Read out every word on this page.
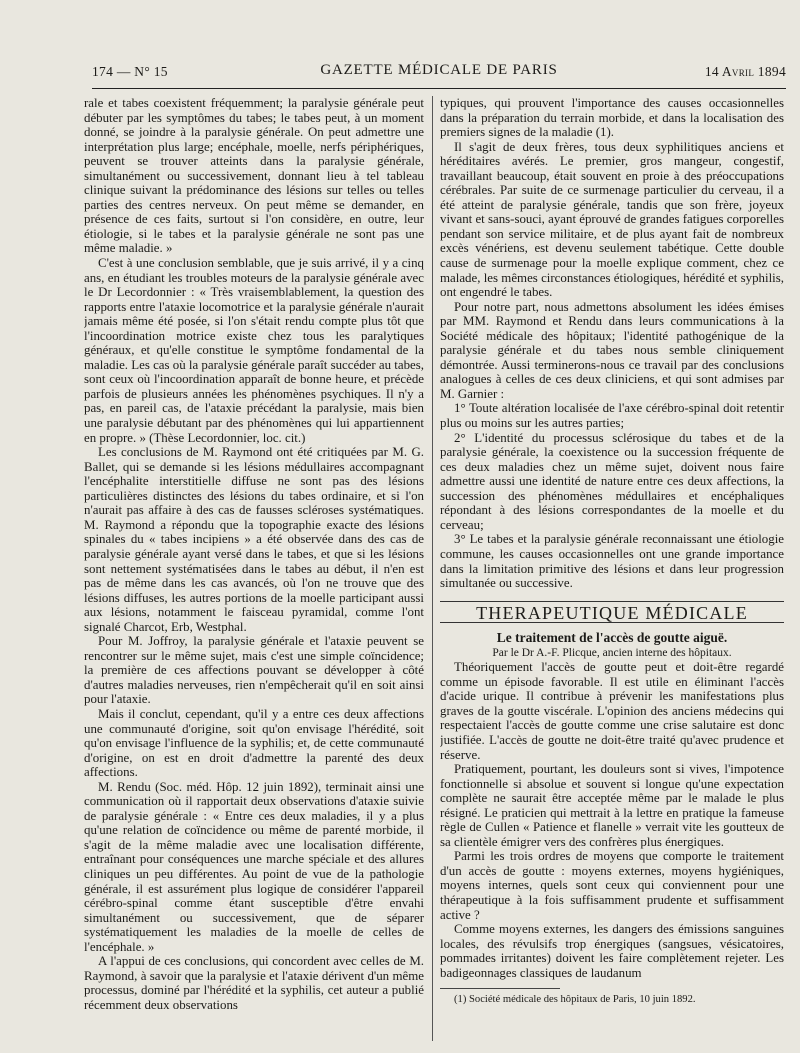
174 — N° 15	GAZETTE MÉDICALE DE PARIS	14 Avril 1894

rale et tabes coexistent fréquemment; la paralysie générale peut débuter par les symptômes du tabes; le tabes peut, à un moment donné, se joindre à la paralysie générale. On peut admettre une interprétation plus large; encéphale, moelle, nerfs périphériques, peuvent se trouver atteints dans la paralysie générale, simultanément ou successivement, donnant lieu à tel tableau clinique suivant la prédominance des lésions sur telles ou telles parties des centres nerveux. On peut même se demander, en présence de ces faits, surtout si l'on considère, en outre, leur étiologie, si le tabes et la paralysie générale ne sont pas une même maladie. »

C'est à une conclusion semblable, que je suis arrivé, il y a cinq ans, en étudiant les troubles moteurs de la paralysie générale avec le Dr Lecordonnier : « Très vraisemblablement, la question des rapports entre l'ataxie locomotrice et la paralysie générale n'aurait jamais même été posée, si l'on s'était rendu compte plus tôt que l'incoordination motrice existe chez tous les paralytiques généraux, et qu'elle constitue le symptôme fondamental de la maladie. Les cas où la paralysie générale paraît succéder au tabes, sont ceux où l'incoordination apparaît de bonne heure, et précède parfois de plusieurs années les phénomènes psychiques. Il n'y a pas, en pareil cas, de l'ataxie précédant la paralysie, mais bien une paralysie débutant par des phénomènes qui lui appartiennent en propre. » (Thèse Lecordonnier, loc. cit.)

Les conclusions de M. Raymond ont été critiquées par M. G. Ballet, qui se demande si les lésions médullaires accompagnant l'encéphalite interstitielle diffuse ne sont pas des lésions particulières distinctes des lésions du tabes ordinaire, et si l'on n'aurait pas affaire à des cas de fausses scléroses systématiques. M. Raymond a répondu que la topographie exacte des lésions spinales du « tabes incipiens » a été observée dans des cas de paralysie générale ayant versé dans le tabes, et que si les lésions sont nettement systématisées dans le tabes au début, il n'en est pas de même dans les cas avancés, où l'on ne trouve que des lésions diffuses, les autres portions de la moelle participant aussi aux lésions, notamment le faisceau pyramidal, comme l'ont signalé Charcot, Erb, Westphal.

Pour M. Joffroy, la paralysie générale et l'ataxie peuvent se rencontrer sur le même sujet, mais c'est une simple coïncidence; la première de ces affections pouvant se développer à côté d'autres maladies nerveuses, rien n'empêcherait qu'il en soit ainsi pour l'ataxie.

Mais il conclut, cependant, qu'il y a entre ces deux affections une communauté d'origine, soit qu'on envisage l'hérédité, soit qu'on envisage l'influence de la syphilis; et, de cette communauté d'origine, on est en droit d'admettre la parenté des deux affections.

M. Rendu (Soc. méd. Hôp. 12 juin 1892), terminait ainsi une communication où il rapportait deux observations d'ataxie suivie de paralysie générale : « Entre ces deux maladies, il y a plus qu'une relation de coïncidence ou même de parenté morbide, il s'agit de la même maladie avec une localisation différente, entraînant pour conséquences une marche spéciale et des allures cliniques un peu différentes. Au point de vue de la pathologie générale, il est assurément plus logique de considérer l'appareil cérébro-spinal comme étant susceptible d'être envahi simultanément ou successivement, que de séparer systématiquement les maladies de la moelle de celles de l'encéphale. »

A l'appui de ces conclusions, qui concordent avec celles de M. Raymond, à savoir que la paralysie et l'ataxie dérivent d'un même processus, dominé par l'hérédité et la syphilis, cet auteur a publié récemment deux observations

typiques, qui prouvent l'importance des causes occasionnelles dans la préparation du terrain morbide, et dans la localisation des premiers signes de la maladie (1).

Il s'agit de deux frères, tous deux syphilitiques anciens et héréditaires avérés. Le premier, gros mangeur, congestif, travaillant beaucoup, était souvent en proie à des préoccupations cérébrales. Par suite de ce surmenage particulier du cerveau, il a été atteint de paralysie générale, tandis que son frère, joyeux vivant et sans-souci, ayant éprouvé de grandes fatigues corporelles pendant son service militaire, et de plus ayant fait de nombreux excès vénériens, est devenu seulement tabétique. Cette double cause de surmenage pour la moelle explique comment, chez ce malade, les mêmes circonstances étiologiques, hérédité et syphilis, ont engendré le tabes.

Pour notre part, nous admettons absolument les idées émises par MM. Raymond et Rendu dans leurs communications à la Société médicale des hôpitaux; l'identité pathogénique de la paralysie générale et du tabes nous semble cliniquement démontrée. Aussi terminerons-nous ce travail par des conclusions analogues à celles de ces deux cliniciens, et qui sont admises par M. Garnier :

1° Toute altération localisée de l'axe cérébro-spinal doit retentir plus ou moins sur les autres parties;

2° L'identité du processus sclérosique du tabes et de la paralysie générale, la coexistence ou la succession fréquente de ces deux maladies chez un même sujet, doivent nous faire admettre aussi une identité de nature entre ces deux affections, la succession des phénomènes médullaires et encéphaliques répondant à des lésions correspondantes de la moelle et du cerveau;

3° Le tabes et la paralysie générale reconnaissant une étiologie commune, les causes occasionnelles ont une grande importance dans la limitation primitive des lésions et dans leur progression simultanée ou successive.

THERAPEUTIQUE MÉDICALE

Le traitement de l'accès de goutte aiguë.

Par le Dr A.-F. Plicque, ancien interne des hôpitaux.

Théoriquement l'accès de goutte peut et doit-être regardé comme un épisode favorable. Il est utile en éliminant l'accès d'acide urique. Il contribue à prévenir les manifestations plus graves de la goutte viscérale. L'opinion des anciens médecins qui respectaient l'accès de goutte comme une crise salutaire est donc justifiée. L'accès de goutte ne doit-être traité qu'avec prudence et réserve.

Pratiquement, pourtant, les douleurs sont si vives, l'impotence fonctionnelle si absolue et souvent si longue qu'une expectation complète ne saurait être acceptée même par le malade le plus résigné. Le praticien qui mettrait à la lettre en pratique la fameuse règle de Cullen « Patience et flanelle » verrait vite les goutteux de sa clientèle émigrer vers des confrères plus énergiques.

Parmi les trois ordres de moyens que comporte le traitement d'un accès de goutte : moyens externes, moyens hygiéniques, moyens internes, quels sont ceux qui conviennent pour une thérapeutique à la fois suffisamment prudente et suffisamment active ?

Comme moyens externes, les dangers des émissions sanguines locales, des révulsifs trop énergiques (sangsues, vésicatoires, pommades irritantes) doivent les faire complètement rejeter. Les badigeonnages classiques de laudanum

(1) Société médicale des hôpitaux de Paris, 10 juin 1892.
